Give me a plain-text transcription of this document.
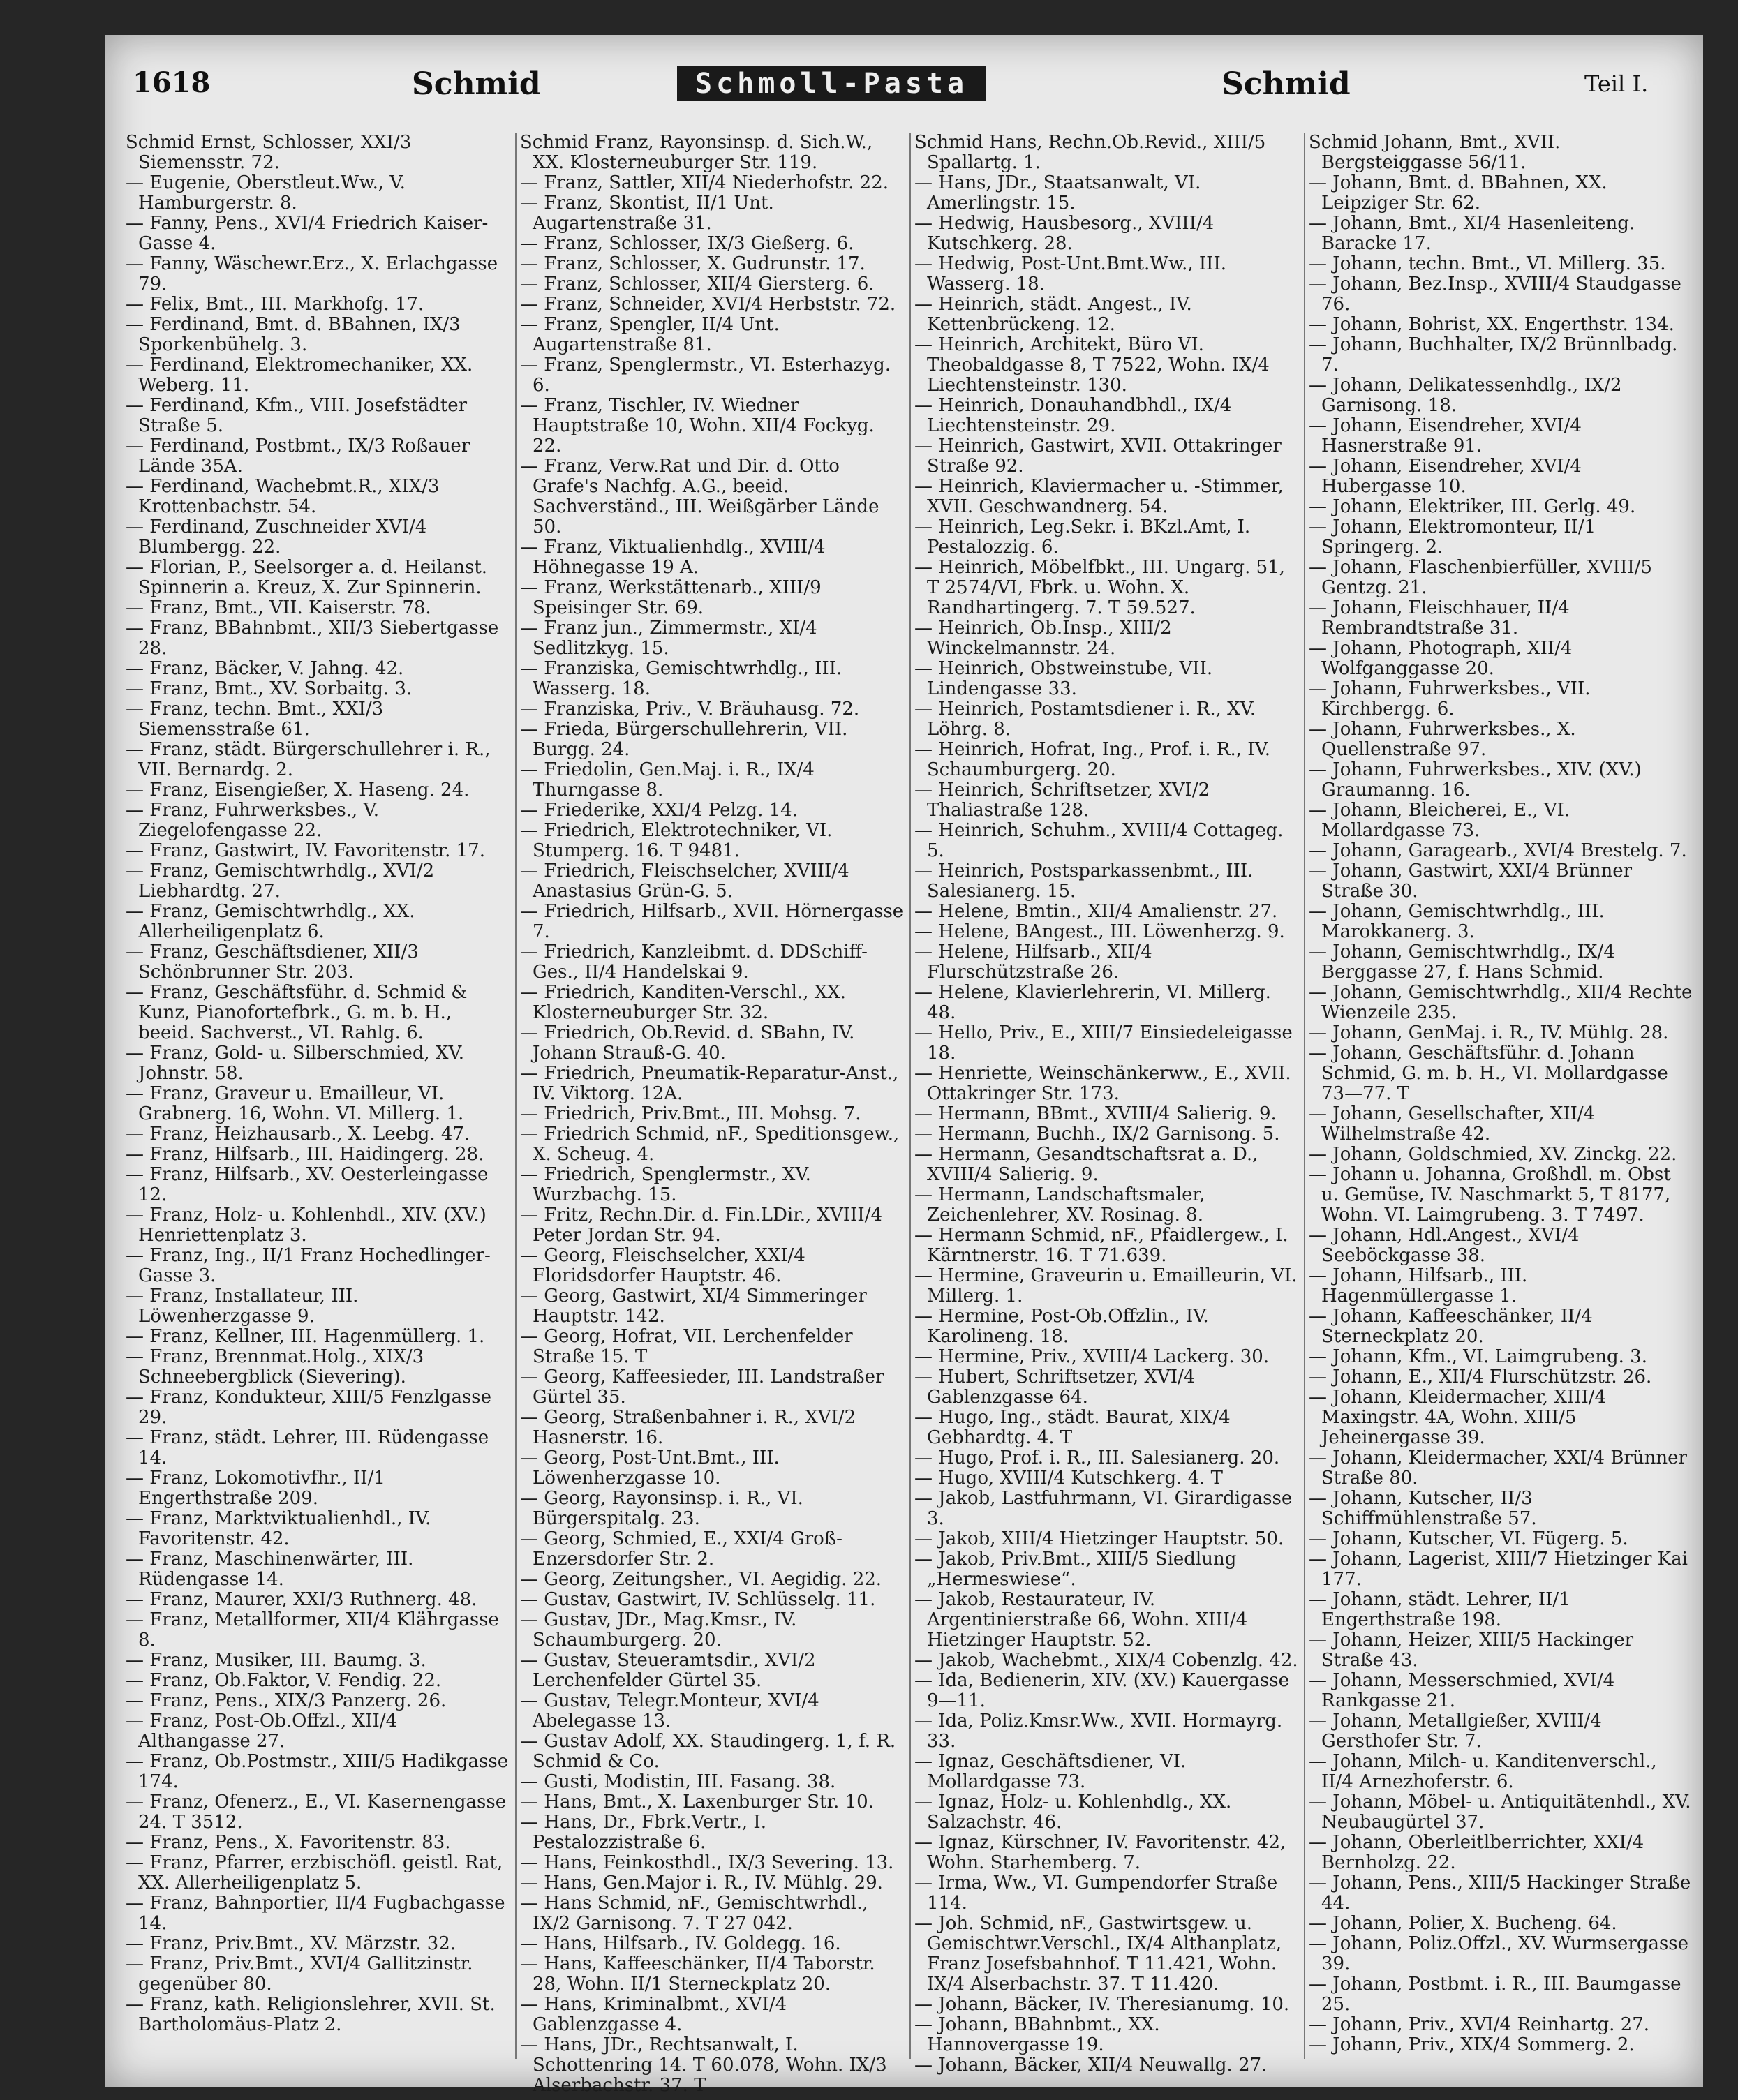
1618	Schmid	Schmoll-Pasta	Schmid	Teil I.

Schmid Ernst, Schlosser, XXI/3 Siemensstr. 72.

— Eugenie, Oberstleut.Ww., V. Hamburgerstr. 8.

— Fanny, Pens., XVI/4 Friedrich Kaiser-Gasse 4.

— Fanny, Wäschewr.Erz., X. Erlachgasse 79.

— Felix, Bmt., III. Markhofg. 17.

— Ferdinand, Bmt. d. BBahnen, IX/3 Sporkenbühelg. 3.

— Ferdinand, Elektromechaniker, XX. Weberg. 11.

— Ferdinand, Kfm., VIII. Josefstädter Straße 5.

— Ferdinand, Postbmt., IX/3 Roßauer Lände 35A.

— Ferdinand, Wachebmt.R., XIX/3 Krottenbachstr. 54.

— Ferdinand, Zuschneider XVI/4 Blumbergg. 22.

— Florian, P., Seelsorger a. d. Heilanst. Spinnerin a. Kreuz, X. Zur Spinnerin.

— Franz, Bmt., VII. Kaiserstr. 78.

— Franz, BBahnbmt., XII/3 Siebertgasse 28.

— Franz, Bäcker, V. Jahng. 42.

— Franz, Bmt., XV. Sorbaitg. 3.

— Franz, techn. Bmt., XXI/3 Siemensstraße 61.

— Franz, städt. Bürgerschullehrer i. R., VII. Bernardg. 2.

— Franz, Eisengießer, X. Haseng. 24.

— Franz, Fuhrwerksbes., V. Ziegelofengasse 22.

— Franz, Gastwirt, IV. Favoritenstr. 17.

— Franz, Gemischtwrhdlg., XVI/2 Liebhardtg. 27.

— Franz, Gemischtwrhdlg., XX. Allerheiligenplatz 6.

— Franz, Geschäftsdiener, XII/3 Schönbrunner Str. 203.

— Franz, Geschäftsführ. d. Schmid & Kunz, Pianofortefbrk., G. m. b. H., beeid. Sachverst., VI. Rahlg. 6.

— Franz, Gold- u. Silberschmied, XV. Johnstr. 58.

— Franz, Graveur u. Emailleur, VI. Grabnerg. 16, Wohn. VI. Millerg. 1.

— Franz, Heizhausarb., X. Leebg. 47.

— Franz, Hilfsarb., III. Haidingerg. 28.

— Franz, Hilfsarb., XV. Oesterleingasse 12.

— Franz, Holz- u. Kohlenhdl., XIV. (XV.) Henriettenplatz 3.

— Franz, Ing., II/1 Franz Hochedlinger-Gasse 3.

— Franz, Installateur, III. Löwenherzgasse 9.

— Franz, Kellner, III. Hagenmüllerg. 1.

— Franz, Brennmat.Holg., XIX/3 Schneebergblick (Sievering).

— Franz, Kondukteur, XIII/5 Fenzlgasse 29.

— Franz, städt. Lehrer, III. Rüdengasse 14.

— Franz, Lokomotivfhr., II/1 Engerthstraße 209.

— Franz, Marktviktualienhdl., IV. Favoritenstr. 42.

— Franz, Maschinenwärter, III. Rüdengasse 14.

— Franz, Maurer, XXI/3 Ruthnerg. 48.

— Franz, Metallformer, XII/4 Klährgasse 8.

— Franz, Musiker, III. Baumg. 3.

— Franz, Ob.Faktor, V. Fendig. 22.

— Franz, Pens., XIX/3 Panzerg. 26.

— Franz, Post-Ob.Offzl., XII/4 Althangasse 27.

— Franz, Ob.Postmstr., XIII/5 Hadikgasse 174.

— Franz, Ofenerz., E., VI. Kasernengasse 24. T 3512.

— Franz, Pens., X. Favoritenstr. 83.

— Franz, Pfarrer, erzbischöfl. geistl. Rat, XX. Allerheiligenplatz 5.

— Franz, Bahnportier, II/4 Fugbachgasse 14.

— Franz, Priv.Bmt., XV. Märzstr. 32.

— Franz, Priv.Bmt., XVI/4 Gallitzinstr. gegenüber 80.

— Franz, kath. Religionslehrer, XVII. St. Bartholomäus-Platz 2.

Schmid Franz, Rayonsinsp. d. Sich.W., XX. Klosterneuburger Str. 119.

— Franz, Sattler, XII/4 Niederhofstr. 22.

— Franz, Skontist, II/1 Unt. Augartenstraße 31.

— Franz, Schlosser, IX/3 Gießerg. 6.

— Franz, Schlosser, X. Gudrunstr. 17.

— Franz, Schlosser, XII/4 Giersterg. 6.

— Franz, Schneider, XVI/4 Herbststr. 72.

— Franz, Spengler, II/4 Unt. Augartenstraße 81.

— Franz, Spenglermstr., VI. Esterhazyg. 6.

— Franz, Tischler, IV. Wiedner Hauptstraße 10, Wohn. XII/4 Fockyg. 22.

— Franz, Verw.Rat und Dir. d. Otto Grafe's Nachfg. A.G., beeid. Sachverständ., III. Weißgärber Lände 50.

— Franz, Viktualienhdlg., XVIII/4 Höhnegasse 19 A.

— Franz, Werkstättenarb., XIII/9 Speisinger Str. 69.

— Franz jun., Zimmermstr., XI/4 Sedlitzkyg. 15.

— Franziska, Gemischtwrhdlg., III. Wasserg. 18.

— Franziska, Priv., V. Bräuhausg. 72.

— Frieda, Bürgerschullehrerin, VII. Burgg. 24.

— Friedolin, Gen.Maj. i. R., IX/4 Thurngasse 8.

— Friederike, XXI/4 Pelzg. 14.

— Friedrich, Elektrotechniker, VI. Stumperg. 16. T 9481.

— Friedrich, Fleischselcher, XVIII/4 Anastasius Grün-G. 5.

— Friedrich, Hilfsarb., XVII. Hörnergasse 7.

— Friedrich, Kanzleibmt. d. DDSchiff-Ges., II/4 Handelskai 9.

— Friedrich, Kanditen-Verschl., XX. Klosterneuburger Str. 32.

— Friedrich, Ob.Revid. d. SBahn, IV. Johann Strauß-G. 40.

— Friedrich, Pneumatik-Reparatur-Anst., IV. Viktorg. 12A.

— Friedrich, Priv.Bmt., III. Mohsg. 7.

— Friedrich Schmid, nF., Speditionsgew., X. Scheug. 4.

— Friedrich, Spenglermstr., XV. Wurzbachg. 15.

— Fritz, Rechn.Dir. d. Fin.LDir., XVIII/4 Peter Jordan Str. 94.

— Georg, Fleischselcher, XXI/4 Floridsdorfer Hauptstr. 46.

— Georg, Gastwirt, XI/4 Simmeringer Hauptstr. 142.

— Georg, Hofrat, VII. Lerchenfelder Straße 15. T

— Georg, Kaffeesieder, III. Landstraßer Gürtel 35.

— Georg, Straßenbahner i. R., XVI/2 Hasnerstr. 16.

— Georg, Post-Unt.Bmt., III. Löwenherzgasse 10.

— Georg, Rayonsinsp. i. R., VI. Bürgerspitalg. 23.

— Georg, Schmied, E., XXI/4 Groß-Enzersdorfer Str. 2.

— Georg, Zeitungsher., VI. Aegidig. 22.

— Gustav, Gastwirt, IV. Schlüsselg. 11.

— Gustav, JDr., Mag.Kmsr., IV. Schaumburgerg. 20.

— Gustav, Steueramtsdir., XVI/2 Lerchenfelder Gürtel 35.

— Gustav, Telegr.Monteur, XVI/4 Abelegasse 13.

— Gustav Adolf, XX. Staudingerg. 1, f. R. Schmid & Co.

— Gusti, Modistin, III. Fasang. 38.

— Hans, Bmt., X. Laxenburger Str. 10.

— Hans, Dr., Fbrk.Vertr., I. Pestalozzistraße 6.

— Hans, Feinkosthdl., IX/3 Severing. 13.

— Hans, Gen.Major i. R., IV. Mühlg. 29.

— Hans Schmid, nF., Gemischtwrhdl., IX/2 Garnisong. 7. T 27 042.

— Hans, Hilfsarb., IV. Goldegg. 16.

— Hans, Kaffeeschänker, II/4 Taborstr. 28, Wohn. II/1 Sterneckplatz 20.

— Hans, Kriminalbmt., XVI/4 Gablenzgasse 4.

— Hans, JDr., Rechtsanwalt, I. Schottenring 14. T 60.078, Wohn. IX/3 Alserbachstr. 37. T

Schmid Hans, Rechn.Ob.Revid., XIII/5 Spallartg. 1.

— Hans, JDr., Staatsanwalt, VI. Amerlingstr. 15.

— Hedwig, Hausbesorg., XVIII/4 Kutschkerg. 28.

— Hedwig, Post-Unt.Bmt.Ww., III. Wasserg. 18.

— Heinrich, städt. Angest., IV. Kettenbrückeng. 12.

— Heinrich, Architekt, Büro VI. Theobaldgasse 8, T 7522, Wohn. IX/4 Liechtensteinstr. 130.

— Heinrich, Donauhandbhdl., IX/4 Liechtensteinstr. 29.

— Heinrich, Gastwirt, XVII. Ottakringer Straße 92.

— Heinrich, Klaviermacher u. -Stimmer, XVII. Geschwandnerg. 54.

— Heinrich, Leg.Sekr. i. BKzl.Amt, I. Pestalozzig. 6.

— Heinrich, Möbelfbkt., III. Ungarg. 51, T 2574/VI, Fbrk. u. Wohn. X. Randhartingerg. 7. T 59.527.

— Heinrich, Ob.Insp., XIII/2 Winckelmannstr. 24.

— Heinrich, Obstweinstube, VII. Lindengasse 33.

— Heinrich, Postamtsdiener i. R., XV. Löhrg. 8.

— Heinrich, Hofrat, Ing., Prof. i. R., IV. Schaumburgerg. 20.

— Heinrich, Schriftsetzer, XVI/2 Thaliastraße 128.

— Heinrich, Schuhm., XVIII/4 Cottageg. 5.

— Heinrich, Postsparkassenbmt., III. Salesianerg. 15.

— Helene, Bmtin., XII/4 Amalienstr. 27.

— Helene, BAngest., III. Löwenherzg. 9.

— Helene, Hilfsarb., XII/4 Flurschützstraße 26.

— Helene, Klavierlehrerin, VI. Millerg. 48.

— Hello, Priv., E., XIII/7 Einsiedeleigasse 18.

— Henriette, Weinschänkerww., E., XVII. Ottakringer Str. 173.

— Hermann, BBmt., XVIII/4 Salierig. 9.

— Hermann, Buchh., IX/2 Garnisong. 5.

— Hermann, Gesandtschaftsrat a. D., XVIII/4 Salierig. 9.

— Hermann, Landschaftsmaler, Zeichenlehrer, XV. Rosinag. 8.

— Hermann Schmid, nF., Pfaidlergew., I. Kärntnerstr. 16. T 71.639.

— Hermine, Graveurin u. Emailleurin, VI. Millerg. 1.

— Hermine, Post-Ob.Offzlin., IV. Karolineng. 18.

— Hermine, Priv., XVIII/4 Lackerg. 30.

— Hubert, Schriftsetzer, XVI/4 Gablenzgasse 64.

— Hugo, Ing., städt. Baurat, XIX/4 Gebhardtg. 4. T

— Hugo, Prof. i. R., III. Salesianerg. 20.

— Hugo, XVIII/4 Kutschkerg. 4. T

— Jakob, Lastfuhrmann, VI. Girardigasse 3.

— Jakob, XIII/4 Hietzinger Hauptstr. 50.

— Jakob, Priv.Bmt., XIII/5 Siedlung „Hermeswiese“.

— Jakob, Restaurateur, IV. Argentinierstraße 66, Wohn. XIII/4 Hietzinger Hauptstr. 52.

— Jakob, Wachebmt., XIX/4 Cobenzlg. 42.

— Ida, Bedienerin, XIV. (XV.) Kauergasse 9—11.

— Ida, Poliz.Kmsr.Ww., XVII. Hormayrg. 33.

— Ignaz, Geschäftsdiener, VI. Mollardgasse 73.

— Ignaz, Holz- u. Kohlenhdlg., XX. Salzachstr. 46.

— Ignaz, Kürschner, IV. Favoritenstr. 42, Wohn. Starhemberg. 7.

— Irma, Ww., VI. Gumpendorfer Straße 114.

— Joh. Schmid, nF., Gastwirtsgew. u. Gemischtwr.Verschl., IX/4 Althanplatz, Franz Josefsbahnhof. T 11.421, Wohn. IX/4 Alserbachstr. 37. T 11.420.

— Johann, Bäcker, IV. Theresianumg. 10.

— Johann, BBahnbmt., XX. Hannovergasse 19.

— Johann, Bäcker, XII/4 Neuwallg. 27.

Schmid Johann, Bmt., XVII. Bergsteiggasse 56/11.

— Johann, Bmt. d. BBahnen, XX. Leipziger Str. 62.

— Johann, Bmt., XI/4 Hasenleiteng. Baracke 17.

— Johann, techn. Bmt., VI. Millerg. 35.

— Johann, Bez.Insp., XVIII/4 Staudgasse 76.

— Johann, Bohrist, XX. Engerthstr. 134.

— Johann, Buchhalter, IX/2 Brünnlbadg. 7.

— Johann, Delikatessenhdlg., IX/2 Garnisong. 18.

— Johann, Eisendreher, XVI/4 Hasnerstraße 91.

— Johann, Eisendreher, XVI/4 Hubergasse 10.

— Johann, Elektriker, III. Gerlg. 49.

— Johann, Elektromonteur, II/1 Springerg. 2.

— Johann, Flaschenbierfüller, XVIII/5 Gentzg. 21.

— Johann, Fleischhauer, II/4 Rembrandtstraße 31.

— Johann, Photograph, XII/4 Wolfganggasse 20.

— Johann, Fuhrwerksbes., VII. Kirchbergg. 6.

— Johann, Fuhrwerksbes., X. Quellenstraße 97.

— Johann, Fuhrwerksbes., XIV. (XV.) Graumanng. 16.

— Johann, Bleicherei, E., VI. Mollardgasse 73.

— Johann, Garagearb., XVI/4 Brestelg. 7.

— Johann, Gastwirt, XXI/4 Brünner Straße 30.

— Johann, Gemischtwrhdlg., III. Marokkanerg. 3.

— Johann, Gemischtwrhdlg., IX/4 Berggasse 27, f. Hans Schmid.

— Johann, Gemischtwrhdlg., XII/4 Rechte Wienzeile 235.

— Johann, GenMaj. i. R., IV. Mühlg. 28.

— Johann, Geschäftsführ. d. Johann Schmid, G. m. b. H., VI. Mollardgasse 73—77. T

— Johann, Gesellschafter, XII/4 Wilhelmstraße 42.

— Johann, Goldschmied, XV. Zinckg. 22.

— Johann u. Johanna, Großhdl. m. Obst u. Gemüse, IV. Naschmarkt 5, T 8177, Wohn. VI. Laimgrubeng. 3. T 7497.

— Johann, Hdl.Angest., XVI/4 Seeböckgasse 38.

— Johann, Hilfsarb., III. Hagenmüllergasse 1.

— Johann, Kaffeeschänker, II/4 Sterneckplatz 20.

— Johann, Kfm., VI. Laimgrubeng. 3.

— Johann, E., XII/4 Flurschützstr. 26.

— Johann, Kleidermacher, XIII/4 Maxingstr. 4A, Wohn. XIII/5 Jeheinergasse 39.

— Johann, Kleidermacher, XXI/4 Brünner Straße 80.

— Johann, Kutscher, II/3 Schiffmühlenstraße 57.

— Johann, Kutscher, VI. Fügerg. 5.

— Johann, Lagerist, XIII/7 Hietzinger Kai 177.

— Johann, städt. Lehrer, II/1 Engerthstraße 198.

— Johann, Heizer, XIII/5 Hackinger Straße 43.

— Johann, Messerschmied, XVI/4 Rankgasse 21.

— Johann, Metallgießer, XVIII/4 Gersthofer Str. 7.

— Johann, Milch- u. Kanditenverschl., II/4 Arnezhoferstr. 6.

— Johann, Möbel- u. Antiquitätenhdl., XV. Neubaugürtel 37.

— Johann, Oberleitlberrichter, XXI/4 Bernholzg. 22.

— Johann, Pens., XIII/5 Hackinger Straße 44.

— Johann, Polier, X. Bucheng. 64.

— Johann, Poliz.Offzl., XV. Wurmsergasse 39.

— Johann, Postbmt. i. R., III. Baumgasse 25.

— Johann, Priv., XVI/4 Reinhartg. 27.

— Johann, Priv., XIX/4 Sommerg. 2.
